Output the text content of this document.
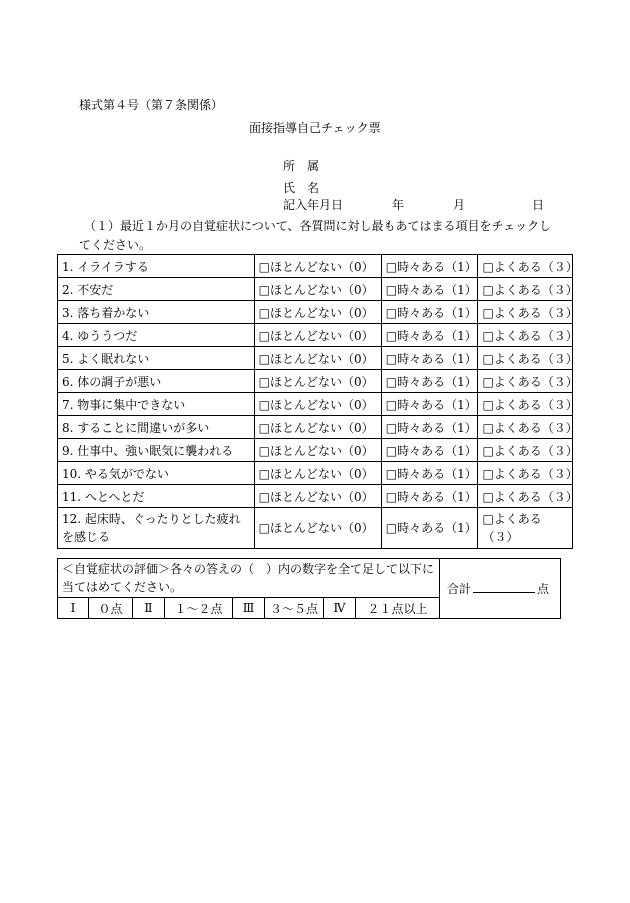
様式第４号（第７条関係）
面接指導自己チェック票
所　属
氏　名
記入年月日	年	月	日
（１）最近１か月の自覚症状について、各質問に対し最もあてはまる項目をチェックし
てください。
1. イライラする	□ほとんどない（0）	□時々ある（1）	□よくある（３）
2. 不安だ	□ほとんどない（0）	□時々ある（1）	□よくある（３）
3. 落ち着かない	□ほとんどない（0）	□時々ある（1）	□よくある（３）
4. ゆううつだ	□ほとんどない（0）	□時々ある（1）	□よくある（３）
5. よく眠れない	□ほとんどない（0）	□時々ある（1）	□よくある（３）
6. 体の調子が悪い	□ほとんどない（0）	□時々ある（1）	□よくある（３）
7. 物事に集中できない	□ほとんどない（0）	□時々ある（1）	□よくある（３）
8. することに間違いが多い	□ほとんどない（0）	□時々ある（1）	□よくある（３）
9. 仕事中、強い眠気に襲われる	□ほとんどない（0）	□時々ある（1）	□よくある（３）
10. やる気がでない	□ほとんどない（0）	□時々ある（1）	□よくある（３）
11. へとへとだ	□ほとんどない（0）	□時々ある（1）	□よくある（３）
12. 起床時、ぐったりとした疲れを感じる	□ほとんどない（0）	□時々ある（1）	□よくある（３）
＜自覚症状の評価＞各々の答えの（　）内の数字を全て足して以下に当てはめてください。								合計 点
Ⅰ	０点	Ⅱ	１～２点	Ⅲ	３～５点	Ⅳ	２１点以上	
